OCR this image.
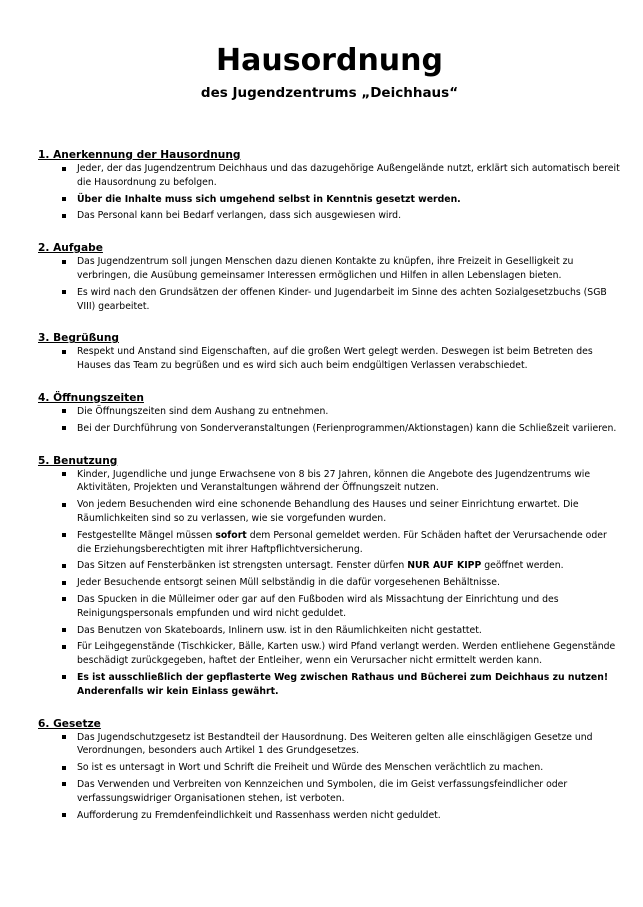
Hausordnung
des Jugendzentrums „Deichhaus“
1. Anerkennung der Hausordnung
Jeder, der das Jugendzentrum Deichhaus und das dazugehörige Außengelände nutzt, erklärt sich automatisch bereit die Hausordnung zu befolgen.
Über die Inhalte muss sich umgehend selbst in Kenntnis gesetzt werden.
Das Personal kann bei Bedarf verlangen, dass sich ausgewiesen wird.
2. Aufgabe
Das Jugendzentrum soll jungen Menschen dazu dienen Kontakte zu knüpfen, ihre Freizeit in Geselligkeit zu verbringen, die Ausübung gemeinsamer Interessen ermöglichen und Hilfen in allen Lebenslagen bieten.
Es wird nach den Grundsätzen der offenen Kinder- und Jugendarbeit im Sinne des achten Sozialgesetzbuchs (SGB VIII) gearbeitet.
3. Begrüßung
Respekt und Anstand sind Eigenschaften, auf die großen Wert gelegt werden. Deswegen ist beim Betreten des Hauses das Team zu begrüßen und es wird sich auch beim endgültigen Verlassen verabschiedet.
4. Öffnungszeiten
Die Öffnungszeiten sind dem Aushang zu entnehmen.
Bei der Durchführung von Sonderveranstaltungen (Ferienprogrammen/Aktionstagen) kann die Schließzeit variieren.
5. Benutzung
Kinder, Jugendliche und junge Erwachsene von 8 bis 27 Jahren, können die Angebote des Jugendzentrums wie Aktivitäten, Projekten und Veranstaltungen während der Öffnungszeit nutzen.
Von jedem Besuchenden wird eine schonende Behandlung des Hauses und seiner Einrichtung erwartet. Die Räumlichkeiten sind so zu verlassen, wie sie vorgefunden wurden.
Festgestellte Mängel müssen sofort dem Personal gemeldet werden. Für Schäden haftet der Verursachende oder die Erziehungsberechtigten mit ihrer Haftpflichtversicherung.
Das Sitzen auf Fensterbänken ist strengsten untersagt. Fenster dürfen NUR AUF KIPP geöffnet werden.
Jeder Besuchende entsorgt seinen Müll selbständig in die dafür vorgesehenen Behältnisse.
Das Spucken in die Mülleimer oder gar auf den Fußboden wird als Missachtung der Einrichtung und des Reinigungspersonals empfunden und wird nicht geduldet.
Das Benutzen von Skateboards, Inlinern usw. ist in den Räumlichkeiten nicht gestattet.
Für Leihgegenstände (Tischkicker, Bälle, Karten usw.) wird Pfand verlangt werden. Werden entliehene Gegenstände beschädigt zurückgegeben, haftet der Entleiher, wenn ein Verursacher nicht ermittelt werden kann.
Es ist ausschließlich der gepflasterte Weg zwischen Rathaus und Bücherei zum Deichhaus zu nutzen! Anderenfalls wir kein Einlass gewährt.
6. Gesetze
Das Jugendschutzgesetz ist Bestandteil der Hausordnung. Des Weiteren gelten alle einschlägigen Gesetze und Verordnungen, besonders auch Artikel 1 des Grundgesetzes.
So ist es untersagt in Wort und Schrift die Freiheit und Würde des Menschen verächtlich zu machen.
Das Verwenden und Verbreiten von Kennzeichen und Symbolen, die im Geist verfassungsfeindlicher oder verfassungswidriger Organisationen stehen, ist verboten.
Aufforderung zu Fremdenfeindlichkeit und Rassenhass werden nicht geduldet.
